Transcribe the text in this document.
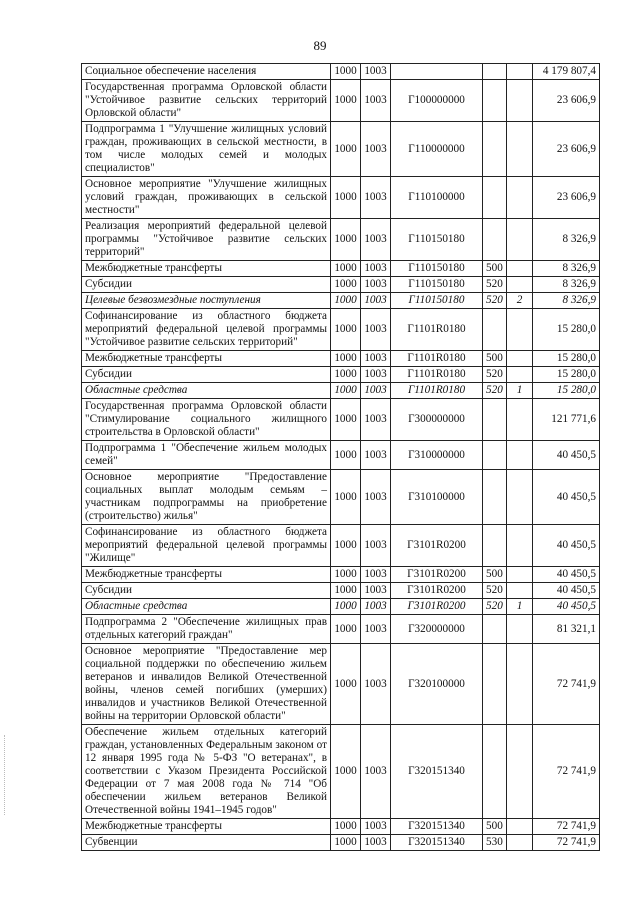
89
Социальное обеспечение населения	1000	1003				4 179 807,4
Государственная программа Орловской области "Устойчивое развитие сельских территорий Орловской области"	1000	1003	Г100000000			23 606,9
Подпрограмма 1 "Улучшение жилищных условий граждан, проживающих в сельской местности, в том числе молодых семей и молодых специалистов"	1000	1003	Г110000000			23 606,9
Основное мероприятие "Улучшение жилищных условий граждан, проживающих в сельской местности"	1000	1003	Г110100000			23 606,9
Реализация мероприятий федеральной целевой программы "Устойчивое развитие сельских территорий"	1000	1003	Г110150180			8 326,9
Межбюджетные трансферты	1000	1003	Г110150180	500		8 326,9
Субсидии	1000	1003	Г110150180	520		8 326,9
Целевые безвозмездные поступления	1000	1003	Г110150180	520	2	8 326,9
Софинансирование из областного бюджета мероприятий федеральной целевой программы "Устойчивое развитие сельских территорий"	1000	1003	Г1101R0180			15 280,0
Межбюджетные трансферты	1000	1003	Г1101R0180	500		15 280,0
Субсидии	1000	1003	Г1101R0180	520		15 280,0
Областные средства	1000	1003	Г1101R0180	520	1	15 280,0
Государственная программа Орловской области "Стимулирование социального жилищного строительства в Орловской области"	1000	1003	Г300000000			121 771,6
Подпрограмма 1 "Обеспечение жильем молодых семей"	1000	1003	Г310000000			40 450,5
Основное мероприятие "Предоставление социальных выплат молодым семьям – участникам подпрограммы на приобретение (строительство) жилья"	1000	1003	Г310100000			40 450,5
Софинансирование из областного бюджета мероприятий федеральной целевой программы "Жилище"	1000	1003	Г3101R0200			40 450,5
Межбюджетные трансферты	1000	1003	Г3101R0200	500		40 450,5
Субсидии	1000	1003	Г3101R0200	520		40 450,5
Областные средства	1000	1003	Г3101R0200	520	1	40 450,5
Подпрограмма 2 "Обеспечение жилищных прав отдельных категорий граждан"	1000	1003	Г320000000			81 321,1
Основное мероприятие "Предоставление мер социальной поддержки по обеспечению жильем ветеранов и инвалидов Великой Отечественной войны, членов семей погибших (умерших) инвалидов и участников Великой Отечественной войны на территории Орловской области"	1000	1003	Г320100000			72 741,9
Обеспечение жильем отдельных категорий граждан, установленных Федеральным законом от 12 января 1995 года № 5-ФЗ "О ветеранах", в соответствии с Указом Президента Российской Федерации от 7 мая 2008 года № 714 "Об обеспечении жильем ветеранов Великой Отечественной войны 1941–1945 годов"	1000	1003	Г320151340			72 741,9
Межбюджетные трансферты	1000	1003	Г320151340	500		72 741,9
Субвенции	1000	1003	Г320151340	530		72 741,9
